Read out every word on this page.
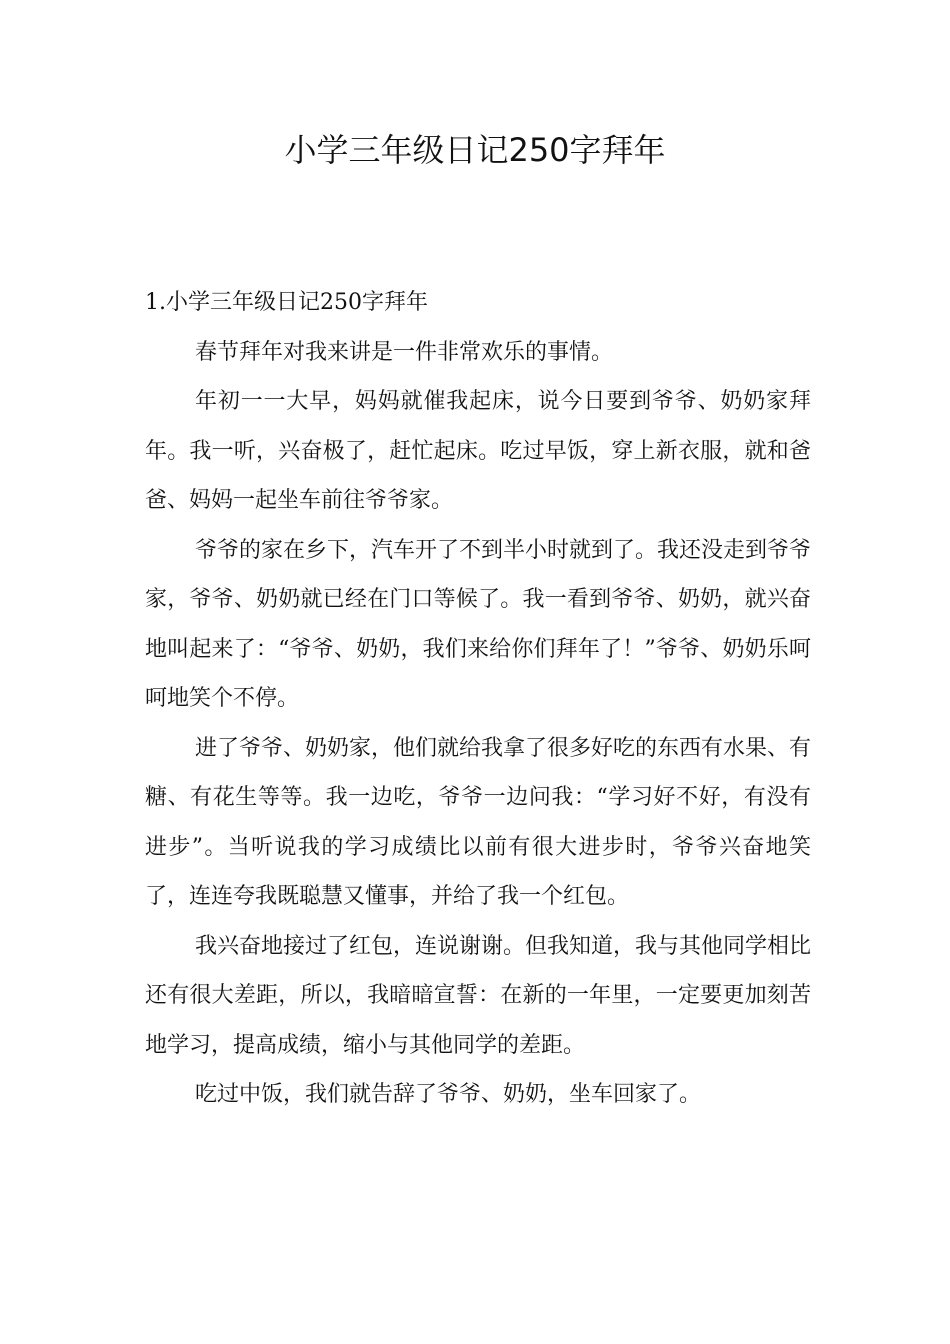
小学三年级日记250字拜年

1.小学三年级日记250字拜年

春节拜年对我来讲是一件非常欢乐的事情。

年初一一大早，妈妈就催我起床，说今日要到爷爷、奶奶家拜年。我一听，兴奋极了，赶忙起床。吃过早饭，穿上新衣服，就和爸爸、妈妈一起坐车前往爷爷家。

爷爷的家在乡下，汽车开了不到半小时就到了。我还没走到爷爷家，爷爷、奶奶就已经在门口等候了。我一看到爷爷、奶奶，就兴奋地叫起来了：“爷爷、奶奶，我们来给你们拜年了！”爷爷、奶奶乐呵呵地笑个不停。

进了爷爷、奶奶家，他们就给我拿了很多好吃的东西有水果、有糖、有花生等等。我一边吃，爷爷一边问我：“学习好不好，有没有进步”。当听说我的学习成绩比以前有很大进步时，爷爷兴奋地笑了，连连夸我既聪慧又懂事，并给了我一个红包。

我兴奋地接过了红包，连说谢谢。但我知道，我与其他同学相比还有很大差距，所以，我暗暗宣誓：在新的一年里，一定要更加刻苦地学习，提高成绩，缩小与其他同学的差距。

吃过中饭，我们就告辞了爷爷、奶奶，坐车回家了。
